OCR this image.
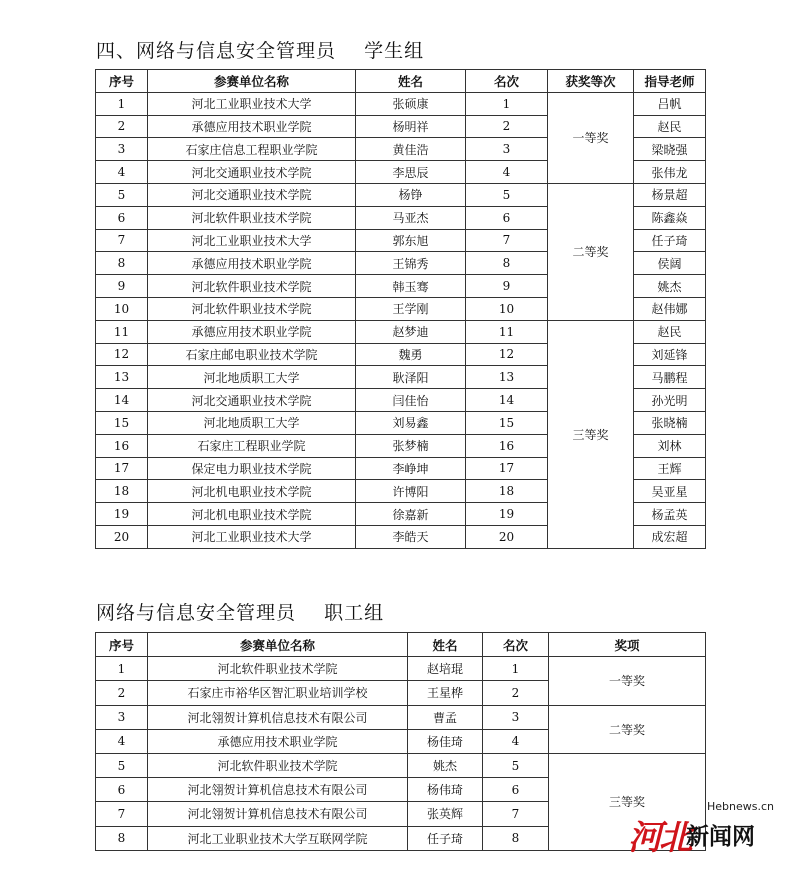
四、网络与信息安全管理员    学生组
序号	参赛单位名称	姓名	名次	获奖等次	指导老师
1	河北工业职业技术大学	张硕康	1	一等奖	吕帆
2	承德应用技术职业学院	杨明祥	2		赵民
3	石家庄信息工程职业学院	黄佳浩	3		梁晓强
4	河北交通职业技术学院	李思辰	4		张伟龙
5	河北交通职业技术学院	杨铮	5	二等奖	杨景超
6	河北软件职业技术学院	马亚杰	6		陈鑫焱
7	河北工业职业技术大学	郭东旭	7		任子琦
8	承德应用技术职业学院	王锦秀	8		侯阔
9	河北软件职业技术学院	韩玉骞	9		姚杰
10	河北软件职业技术学院	王学刚	10		赵伟娜
11	承德应用技术职业学院	赵梦迪	11	三等奖	赵民
12	石家庄邮电职业技术学院	魏勇	12		刘延锋
13	河北地质职工大学	耿泽阳	13		马鹏程
14	河北交通职业技术学院	闫佳怡	14		孙光明
15	河北地质职工大学	刘易鑫	15		张晓楠
16	石家庄工程职业学院	张梦楠	16		刘林
17	保定电力职业技术学院	李峥坤	17		王辉
18	河北机电职业技术学院	许博阳	18		吴亚星
19	河北机电职业技术学院	徐嘉新	19		杨孟英
20	河北工业职业技术大学	李皓天	20		成宏超
网络与信息安全管理员    职工组
序号	参赛单位名称	姓名	名次	奖项
1	河北软件职业技术学院	赵培琨	1	一等奖
2	石家庄市裕华区智汇职业培训学校	王星桦	2	
3	河北翎贺计算机信息技术有限公司	曹孟	3	二等奖
4	承德应用技术职业学院	杨佳琦	4	
5	河北软件职业技术学院	姚杰	5	三等奖
6	河北翎贺计算机信息技术有限公司	杨伟琦	6	
7	河北翎贺计算机信息技术有限公司	张英辉	7	
8	河北工业职业技术大学互联网学院	任子琦	8	
Hebnews.cn
河北
新闻网
